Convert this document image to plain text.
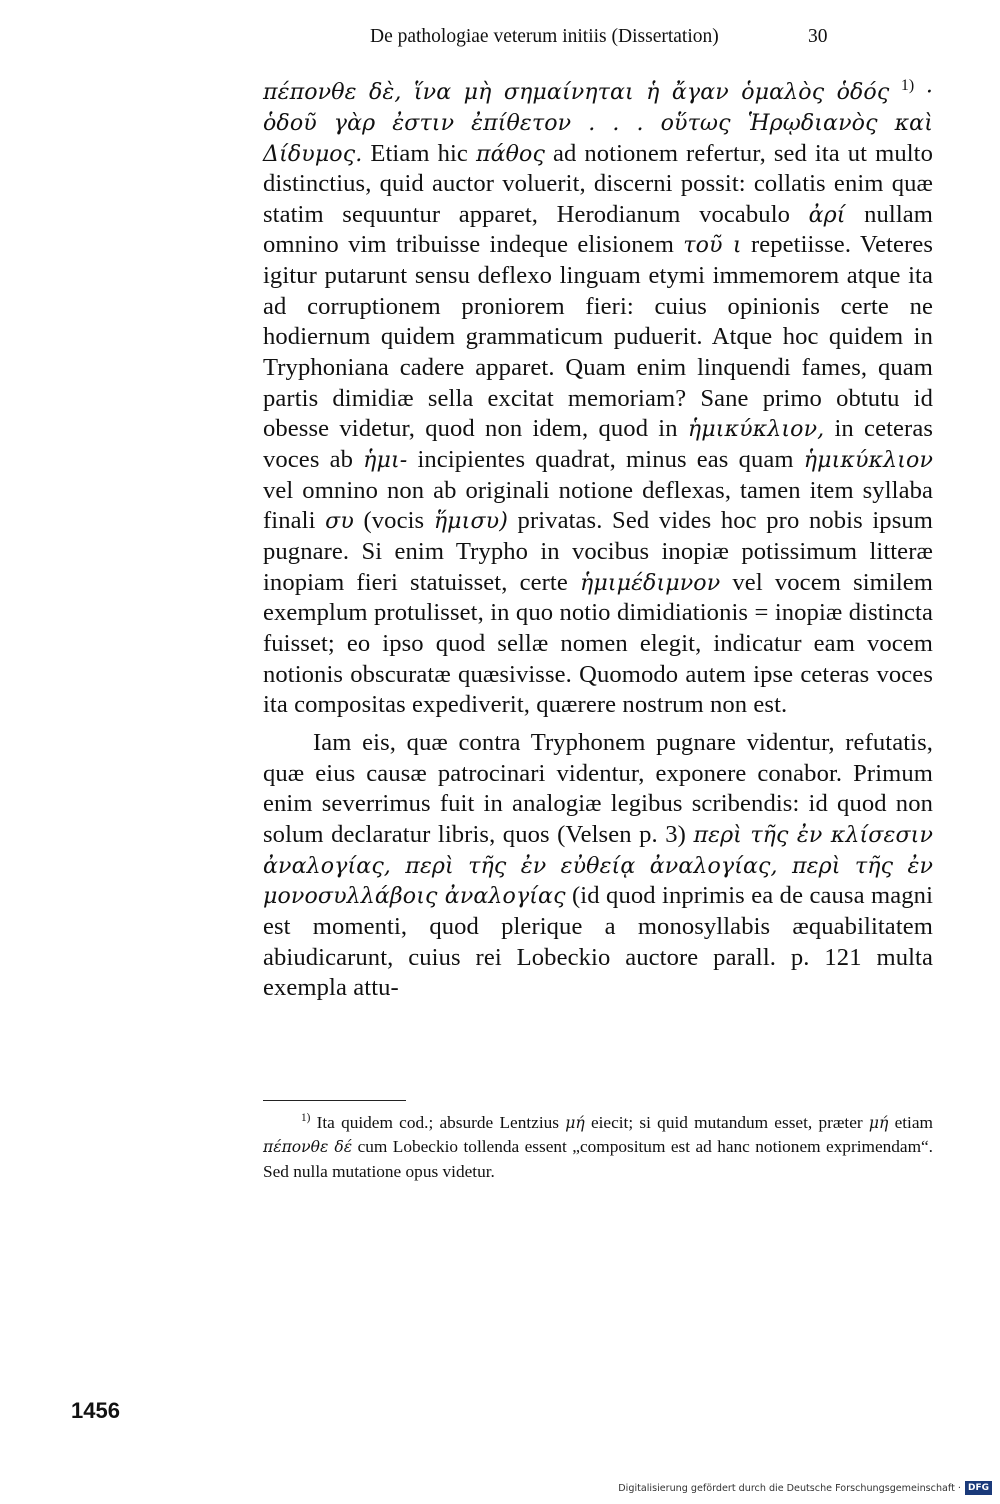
De pathologiae veterum initiis (Dissertation)	30

πέπονθε δὲ, ἵνα μὴ σημαίνηται ἡ ἄγαν ὁμαλὸς ὁδός $^{1)}$ · ὁδοῦ γὰρ ἐστιν ἐπίθετον . . . οὕτως Ἡρῳδιανὸς καὶ Δίδυμος. Etiam hic πάθος ad notionem refertur, sed ita ut multo distinctius, quid auctor voluerit, discerni possit: collatis enim quæ statim sequuntur apparet, Herodianum vocabulo ἀρί nullam omnino vim tribuisse indeque elisionem τοῦ ι repetiisse. Veteres igitur putarunt sensu deflexo linguam etymi immemorem atque ita ad corruptionem proniorem fieri: cuius opinionis certe ne hodiernum quidem grammaticum puduerit. Atque hoc quidem in Tryphoniana cadere apparet. Quam enim linquendi fames, quam partis dimidiæ sella excitat memoriam? Sane primo obtutu id obesse videtur, quod non idem, quod in ἡμικύκλιον, in ceteras voces ab ἡμι- incipientes quadrat, minus eas quam ἡμικύκλιον vel omnino non ab originali notione deflexas, tamen item syllaba finali συ (vocis ἥμισυ) privatas. Sed vides hoc pro nobis ipsum pugnare. Si enim Trypho in vocibus inopiæ potissimum litteræ inopiam fieri statuisset, certe ἡμιμέδιμνον vel vocem similem exemplum protulisset, in quo notio dimidiationis = inopiæ distincta fuisset; eo ipso quod sellæ nomen elegit, indicatur eam vocem notionis obscuratæ quæsivisse. Quomodo autem ipse ceteras voces ita compositas expediverit, quærere nostrum non est.

Iam eis, quæ contra Tryphonem pugnare videntur, refutatis, quæ eius causæ patrocinari videntur, exponere conabor. Primum enim severrimus fuit in analogiæ legibus scribendis: id quod non solum declaratur libris, quos (Velsen p. 3) περὶ τῆς ἐν κλίσεσιν ἀναλογίας, περὶ τῆς ἐν εὐθείᾳ ἀναλογίας, περὶ τῆς ἐν μονοσυλλάβοις ἀναλογίας (id quod inprimis ea de causa magni est momenti, quod plerique a monosyllabis æquabilitatem abiudicarunt, cuius rei Lobeckio auctore parall. p. 121 multa exempla attu-

$^{1)}$ Ita quidem cod.; absurde Lentzius μή eiecit; si quid mutandum esset, præter μή etiam πέπονθε δέ cum Lobeckio tollenda essent „compositum est ad hanc notionem exprimendam“. Sed nulla mutatione opus videtur.

1456
Digitalisierung gefördert durch die Deutsche Forschungsgemeinschaft · DFG
